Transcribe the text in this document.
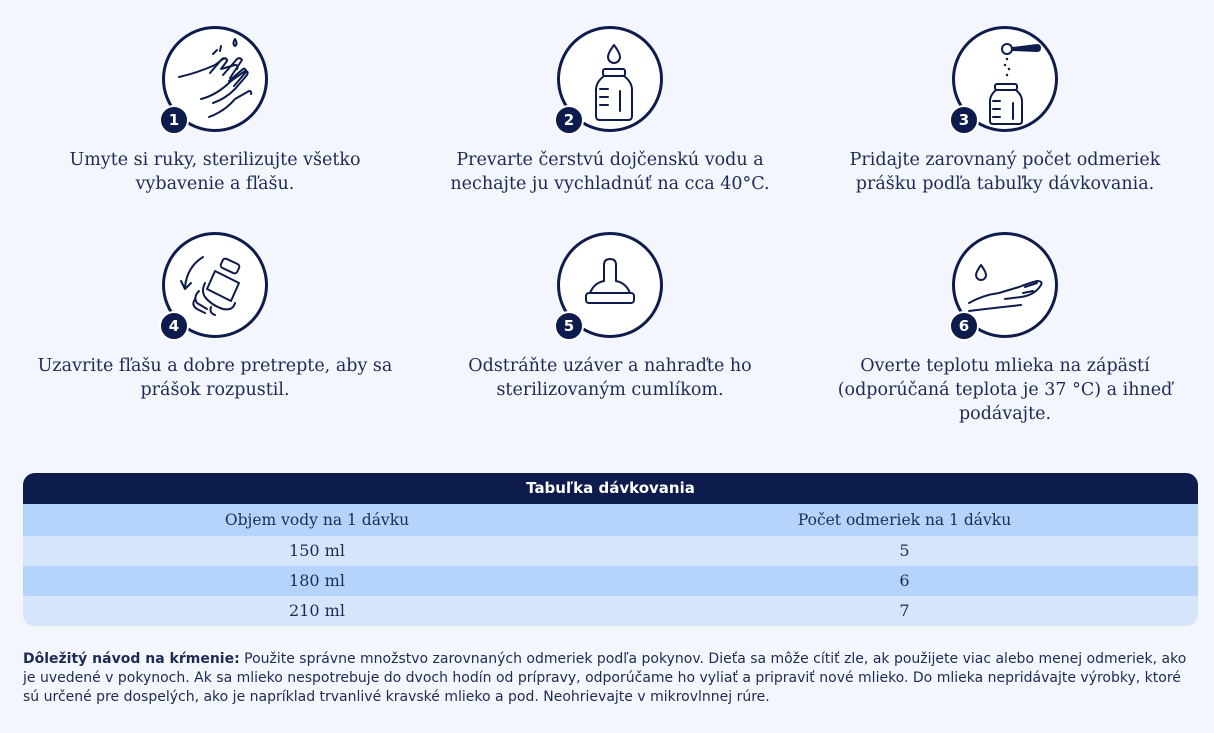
1
Umyte si ruky, sterilizujte všetko vybavenie a fľašu.
2
Prevarte čerstvú dojčenskú vodu a nechajte ju vychladnúť na cca 40°C.
3
Pridajte zarovnaný počet odmeriek prášku podľa tabuľky dávkovania.
4
Uzavrite fľašu a dobre pretrepte, aby sa prášok rozpustil.
5
Odstráňte uzáver a nahraďte ho sterilizovaným cumlíkom.
6
Overte teplotu mlieka na zápästí (odporúčaná teplota je 37 °C) a ihneď podávajte.
Tabuľka dávkovania
Objem vody na 1 dávku	Počet odmeriek na 1 dávku
150 ml	5
180 ml	6
210 ml	7
Dôležitý návod na kŕmenie: Použite správne množstvo zarovnaných odmeriek podľa pokynov. Dieťa sa môže cítiť zle, ak použijete viac alebo menej odmeriek, ako je uvedené v pokynoch. Ak sa mlieko nespotrebuje do dvoch hodín od prípravy, odporúčame ho vyliať a pripraviť nové mlieko. Do mlieka nepridávajte výrobky, ktoré sú určené pre dospelých, ako je napríklad trvanlivé kravské mlieko a pod. Neohrievajte v mikrovlnnej rúre.
